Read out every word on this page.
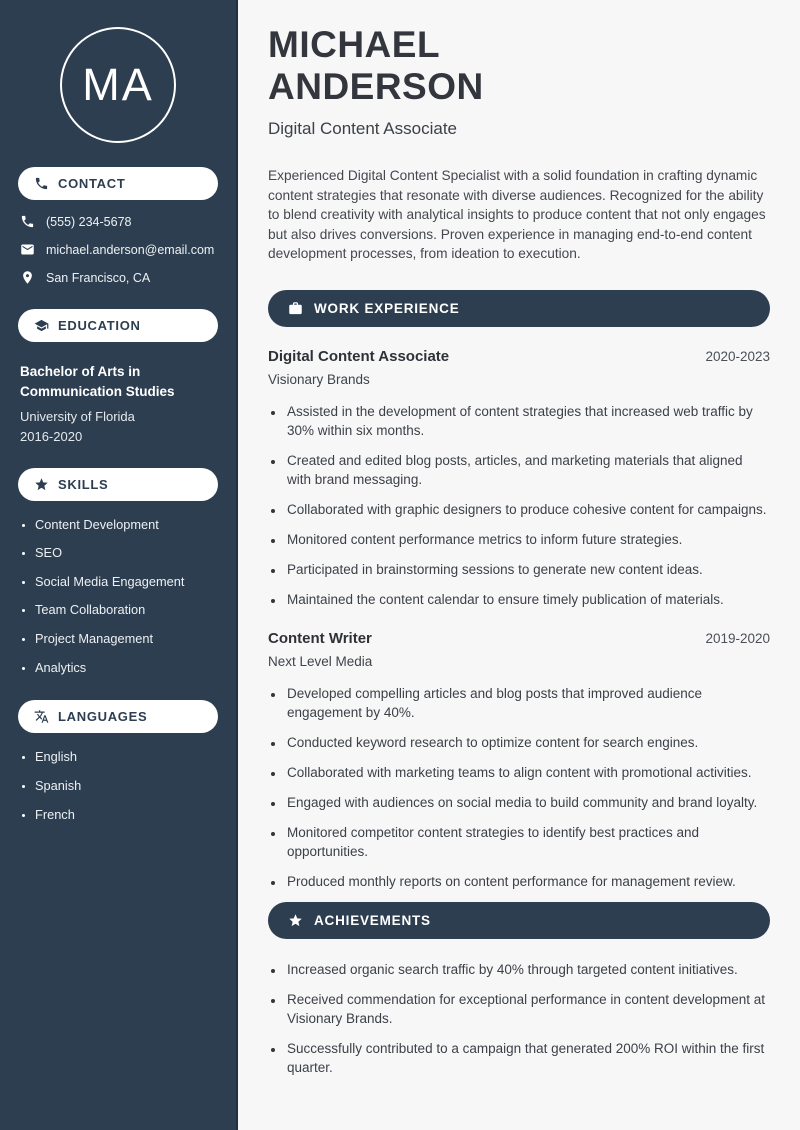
MA
CONTACT
(555) 234-5678
michael.anderson@email.com
San Francisco, CA
EDUCATION
Bachelor of Arts in Communication Studies
University of Florida
2016-2020
SKILLS
• Content Development
• SEO
• Social Media Engagement
• Team Collaboration
• Project Management
• Analytics
LANGUAGES
• English
• Spanish
• French
MICHAEL
ANDERSON
Digital Content Associate

Experienced Digital Content Specialist with a solid foundation in crafting dynamic content strategies that resonate with diverse audiences. Recognized for the ability to blend creativity with analytical insights to produce content that not only engages but also drives conversions. Proven experience in managing end-to-end content development processes, from ideation to execution.

WORK EXPERIENCE
Digital Content Associate	2020-2023
Visionary Brands
• Assisted in the development of content strategies that increased web traffic by 30% within six months.
• Created and edited blog posts, articles, and marketing materials that aligned with brand messaging.
• Collaborated with graphic designers to produce cohesive content for campaigns.
• Monitored content performance metrics to inform future strategies.
• Participated in brainstorming sessions to generate new content ideas.
• Maintained the content calendar to ensure timely publication of materials.
Content Writer	2019-2020
Next Level Media
• Developed compelling articles and blog posts that improved audience engagement by 40%.
• Conducted keyword research to optimize content for search engines.
• Collaborated with marketing teams to align content with promotional activities.
• Engaged with audiences on social media to build community and brand loyalty.
• Monitored competitor content strategies to identify best practices and opportunities.
• Produced monthly reports on content performance for management review.
ACHIEVEMENTS
• Increased organic search traffic by 40% through targeted content initiatives.
• Received commendation for exceptional performance in content development at Visionary Brands.
• Successfully contributed to a campaign that generated 200% ROI within the first quarter.
